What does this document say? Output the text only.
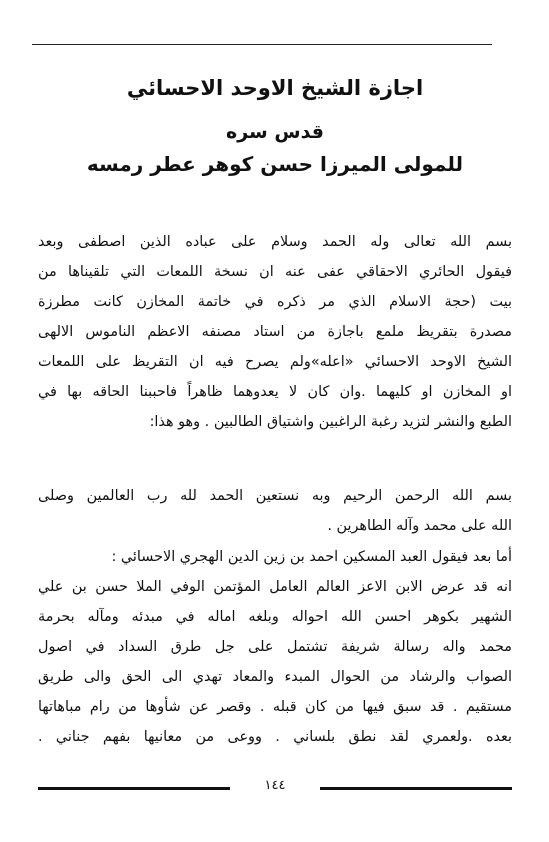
اجازة الشيخ الاوحد الاحسائي
قدس سره
للمولى الميرزا حسن كوهر عطر رمسه
بسم الله تعالى وله الحمد وسلام على عباده الذين اصطفى وبعد
فيقول الحائري الاحقاقي عفى عنه ان نسخة اللمعات التي تلقيناها من
بيت (حجة الاسلام الذي مر ذكره في خاتمة المخازن كانت مطرزة
مصدرة بتقريظ ملمع باجازة من استاد مصنفه الاعظم الناموس الالهى
الشيخ الاوحد الاحسائي «اعله»ولم يصرح فيه ان التقريظ على اللمعات
او المخازن او كليهما .وان كان لا يعدوهما ظاهراً فاحببنا الحاقه بها في
الطبع والنشر لتزيد رغبة الراغبين واشتياق الطالبين . وهو هذا:
بسم الله الرحمن الرحيم وبه نستعين الحمد لله رب العالمين وصلى
الله على محمد وآله الطاهرين .
أما بعد فيقول العبد المسكين احمد بن زين الدين الهجري الاحسائي :
انه قد عرض الابن الاعز العالم العامل المؤتمن الوفي الملا حسن بن علي
الشهير بكوهر احسن الله احواله وبلغه اماله في مبدئه ومآله بحرمة
محمد واله رسالة شريفة تشتمل على جل طرق السداد في اصول
الصواب والرشاد من الحوال المبدء والمعاد تهدي الى الحق والى طريق
مستقيم . قد سبق فيها من كان قبله . وقصر عن شأوها من رام مباهاتها
بعده .ولعمري لقد نطق بلساني . ووعى من معانيها بفهم جناني .
١٤٤
